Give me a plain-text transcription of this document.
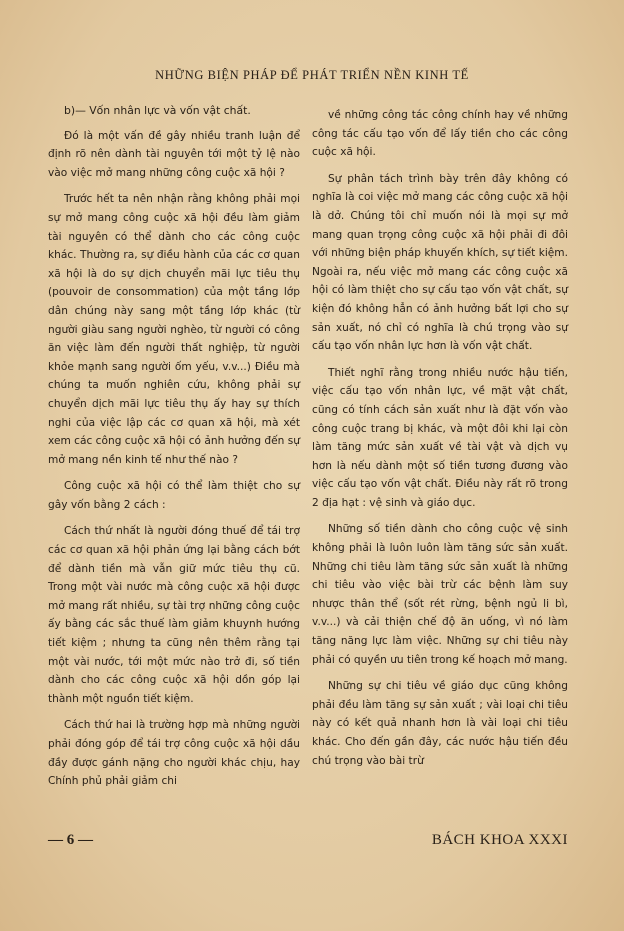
NHỮNG BIỆN PHÁP ĐỂ PHÁT TRIỂN NỀN KINH TẾ
b)— Vốn nhân lực và vốn vật chất.

Đó là một vấn đề gây nhiều tranh luận để định rõ nên dành tài nguyên tới một tỷ lệ nào vào việc mở mang những công cuộc xã hội ?

Trước hết ta nên nhận rằng không phải mọi sự mở mang công cuộc xã hội đều làm giảm tài nguyên có thể dành cho các công cuộc khác. Thường ra, sự điều hành của các cơ quan xã hội là do sự dịch chuyển mãi lực tiêu thụ (pouvoir de consommation) của một tầng lớp dân chúng này sang một tầng lớp khác (từ người giàu sang người nghèo, từ người có công ăn việc làm đến người thất nghiệp, từ người khỏe mạnh sang người ốm yếu, v.v...) Điều mà chúng ta muốn nghiên cứu, không phải sự chuyển dịch mãi lực tiêu thụ ấy hay sự thích nghi của việc lập các cơ quan xã hội, mà xét xem các công cuộc xã hội có ảnh hưởng đến sự mở mang nền kinh tế như thế nào ?

Công cuộc xã hội có thể làm thiệt cho sự gây vốn bằng 2 cách :

Cách thứ nhất là người đóng thuế để tái trợ các cơ quan xã hội phản ứng lại bằng cách bớt để dành tiền mà vẫn giữ mức tiêu thụ cũ. Trong một vài nước mà công cuộc xã hội được mở mang rất nhiều, sự tài trợ những công cuộc ấy bằng các sắc thuế làm giảm khuynh hướng tiết kiệm ; nhưng ta cũng nên thêm rằng tại một vài nước, tới một mức nào trở đi, số tiền dành cho các công cuộc xã hội dồn góp lại thành một nguồn tiết kiệm.

Cách thứ hai là trường hợp mà những người phải đóng góp để tái trợ công cuộc xã hội dầu đầy được gánh nặng cho người khác chịu, hay Chính phủ phải giảm chi

về những công tác công chính hay về những công tác cấu tạo vốn để lấy tiền cho các công cuộc xã hội.

Sự phân tách trình bày trên đây không có nghĩa là coi việc mở mang các công cuộc xã hội là dở. Chúng tôi chỉ muốn nói là mọi sự mở mang quan trọng công cuộc xã hội phải đi đôi với những biện pháp khuyến khích, sự tiết kiệm. Ngoài ra, nếu việc mở mang các công cuộc xã hội có làm thiệt cho sự cấu tạo vốn vật chất, sự kiện đó không hẳn có ảnh hưởng bất lợi cho sự sản xuất, nó chỉ có nghĩa là chú trọng vào sự cấu tạo vốn nhân lực hơn là vốn vật chất.

Thiết nghĩ rằng trong nhiều nước hậu tiến, việc cấu tạo vốn nhân lực, về mặt vật chất, cũng có tính cách sản xuất như là đặt vốn vào công cuộc trang bị khác, và một đôi khi lại còn làm tăng mức sản xuất về tài vật và dịch vụ hơn là nếu dành một số tiền tương đương vào việc cấu tạo vốn vật chất. Điều này rất rõ trong 2 địa hạt : vệ sinh và giáo dục.

Những số tiền dành cho công cuộc vệ sinh không phải là luôn luôn làm tăng sức sản xuất. Những chi tiêu làm tăng sức sản xuất là những chi tiêu vào việc bài trừ các bệnh làm suy nhược thân thể (sốt rét rừng, bệnh ngủ li bì, v.v...) và cải thiện chế độ ăn uống, vì nó làm tăng năng lực làm việc. Những sự chi tiêu này phải có quyền ưu tiên trong kế hoạch mở mang.

Những sự chi tiêu về giáo dục cũng không phải đều làm tăng sự sản xuất ; vài loại chi tiêu này có kết quả nhanh hơn là vài loại chi tiêu khác. Cho đến gần đây, các nước hậu tiến đều chú trọng vào bài trừ

— 6 —	BÁCH KHOA XXXI
